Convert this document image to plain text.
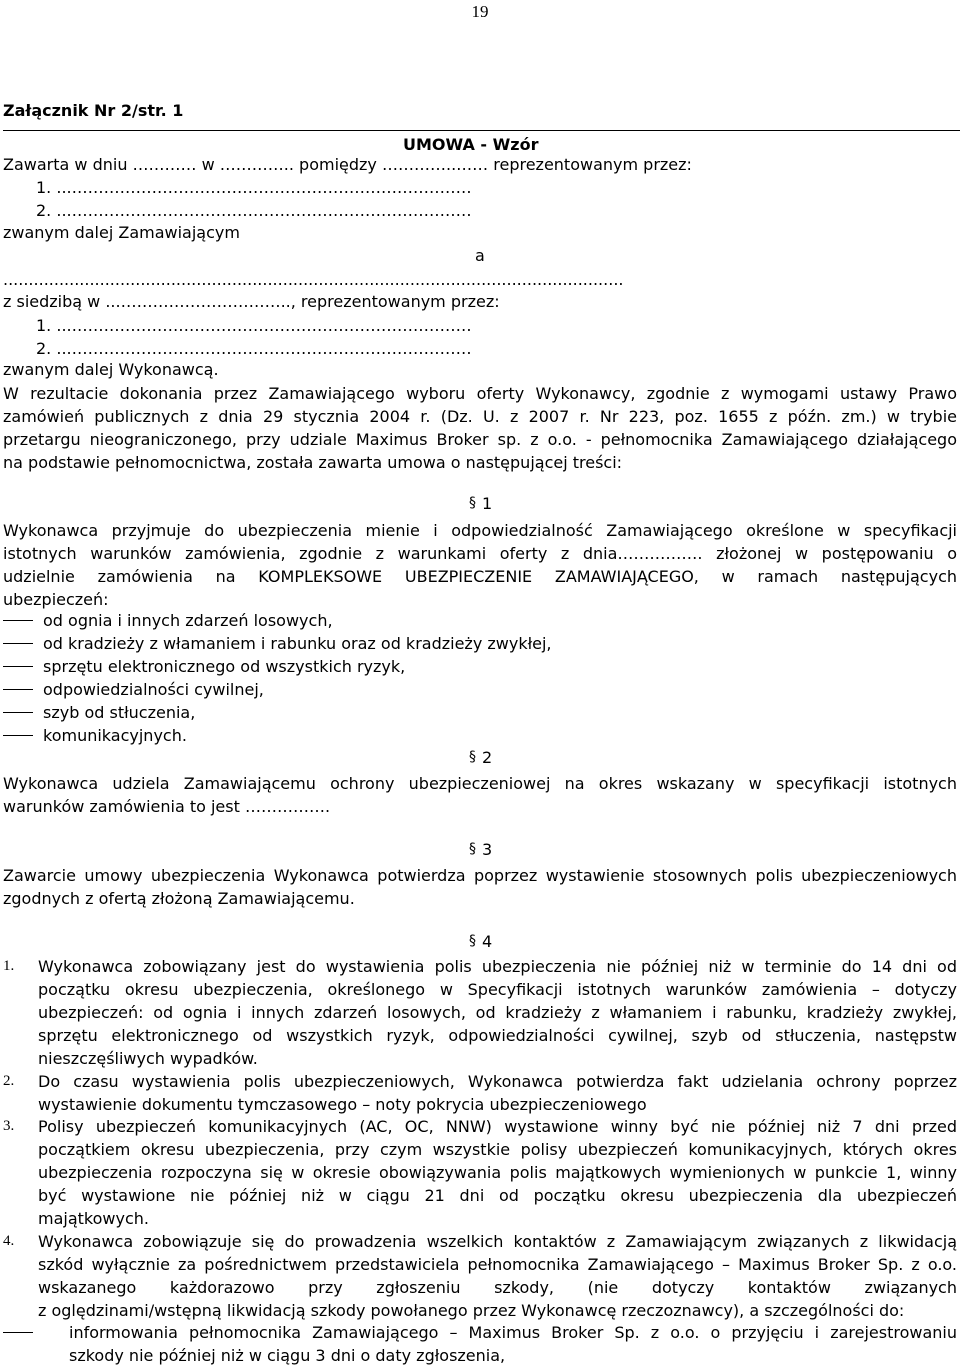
19
Załącznik Nr 2/str. 1
UMOWA - Wzór
Zawarta w dniu ………… w ………….. pomiędzy …………..…… reprezentowanym przez:
1. ...…………………………………………………………………
2. ...…………………………………………………………………
zwanym dalej Zamawiającym
a
..........................................................................................................................
z siedzibą w ...………………………….., reprezentowanym przez:
1. ...…………………………………………………………………
2. ...…………………………………………………………………
zwanym dalej Wykonawcą.
W rezultacie dokonania przez Zamawiającego wyboru oferty Wykonawcy, zgodnie z wymogami ustawy Prawo
zamówień publicznych z dnia 29 stycznia 2004 r. (Dz. U. z 2007 r. Nr 223, poz. 1655 z późn. zm.) w trybie
przetargu nieograniczonego, przy udziale Maximus Broker sp. z o.o. - pełnomocnika Zamawiającego działającego
na podstawie pełnomocnictwa, została zawarta umowa o następującej treści:
§ 1
Wykonawca przyjmuje do ubezpieczenia mienie i odpowiedzialność Zamawiającego określone w specyfikacji
istotnych warunków zamówienia, zgodnie z warunkami oferty z dnia……………. złożonej w postępowaniu o
udzielnie zamówienia na KOMPLEKSOWE UBEZPIECZENIE ZAMAWIAJĄCEGO, w ramach następujących
ubezpieczeń:
od ognia i innych zdarzeń losowych,
od kradzieży z włamaniem i rabunku oraz od kradzieży zwykłej,
sprzętu elektronicznego od wszystkich ryzyk,
odpowiedzialności cywilnej,
szyb od stłuczenia,
komunikacyjnych.
§ 2
Wykonawca udziela Zamawiającemu ochrony ubezpieczeniowej na okres wskazany w specyfikacji istotnych
warunków zamówienia to jest …………….
§ 3
Zawarcie umowy ubezpieczenia Wykonawca potwierdza poprzez wystawienie stosownych polis ubezpieczeniowych
zgodnych z ofertą złożoną Zamawiającemu.
§ 4
1. Wykonawca zobowiązany jest do wystawienia polis ubezpieczenia nie później niż w terminie do 14 dni od
początku okresu ubezpieczenia, określonego w Specyfikacji istotnych warunków zamówienia – dotyczy
ubezpieczeń: od ognia i innych zdarzeń losowych, od kradzieży z włamaniem i rabunku, kradzieży zwykłej,
sprzętu elektronicznego od wszystkich ryzyk, odpowiedzialności cywilnej, szyb od stłuczenia, następstw
nieszczęśliwych wypadków.
2. Do czasu wystawienia polis ubezpieczeniowych, Wykonawca potwierdza fakt udzielania ochrony poprzez
wystawienie dokumentu tymczasowego – noty pokrycia ubezpieczeniowego
3. Polisy ubezpieczeń komunikacyjnych (AC, OC, NNW) wystawione winny być nie później niż 7 dni przed
początkiem okresu ubezpieczenia, przy czym wszystkie polisy ubezpieczeń komunikacyjnych, których okres
ubezpieczenia rozpoczyna się w okresie obowiązywania polis majątkowych wymienionych w punkcie 1, winny
być wystawione nie później niż w ciągu 21 dni od początku okresu ubezpieczenia dla ubezpieczeń
majątkowych.
4. Wykonawca zobowiązuje się do prowadzenia wszelkich kontaktów z Zamawiającym związanych z likwidacją
szkód wyłącznie za pośrednictwem przedstawiciela pełnomocnika Zamawiającego – Maximus Broker Sp. z o.o.
wskazanego każdorazowo przy zgłoszeniu szkody, (nie dotyczy kontaktów związanych
z oględzinami/wstępną likwidacją szkody powołanego przez Wykonawcę rzeczoznawcy), a szczególności do:
informowania pełnomocnika Zamawiającego – Maximus Broker Sp. z o.o. o przyjęciu i zarejestrowaniu
szkody nie później niż w ciągu 3 dni o daty zgłoszenia,
